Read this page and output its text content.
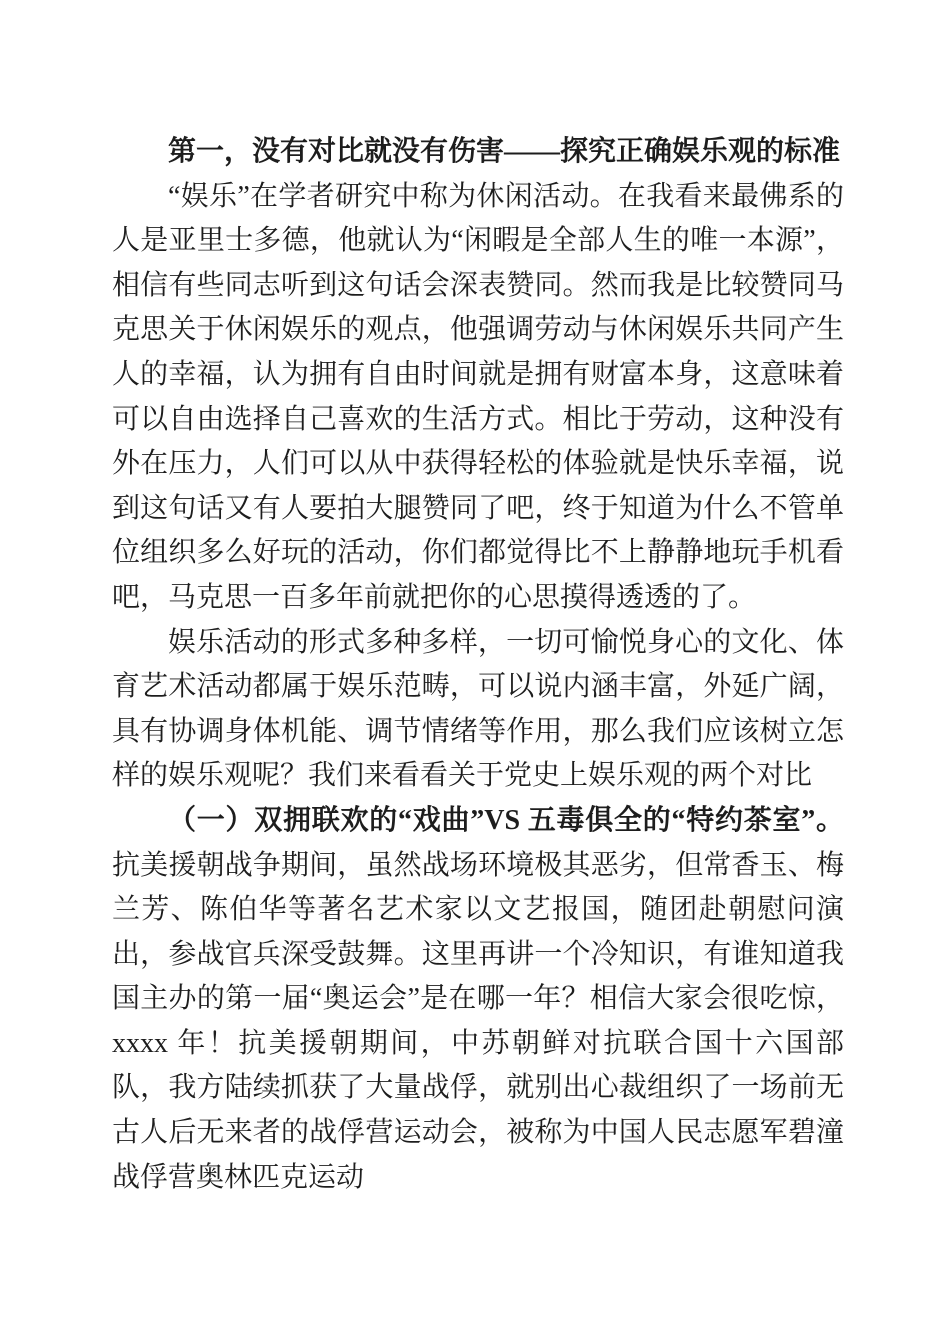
第一，没有对比就没有伤害——探究正确娱乐观的标准

“娱乐”在学者研究中称为休闲活动。在我看来最佛系的人是亚里士多德，他就认为“闲暇是全部人生的唯一本源”，相信有些同志听到这句话会深表赞同。然而我是比较赞同马克思关于休闲娱乐的观点，他强调劳动与休闲娱乐共同产生人的幸福，认为拥有自由时间就是拥有财富本身，这意味着可以自由选择自己喜欢的生活方式。相比于劳动，这种没有外在压力，人们可以从中获得轻松的体验就是快乐幸福，说到这句话又有人要拍大腿赞同了吧，终于知道为什么不管单位组织多么好玩的活动，你们都觉得比不上静静地玩手机看吧，马克思一百多年前就把你的心思摸得透透的了。

娱乐活动的形式多种多样，一切可愉悦身心的文化、体育艺术活动都属于娱乐范畴，可以说内涵丰富，外延广阔，具有协调身体机能、调节情绪等作用，那么我们应该树立怎样的娱乐观呢？我们来看看关于党史上娱乐观的两个对比

（一）双拥联欢的“戏曲”VS 五毒俱全的“特约茶室”。抗美援朝战争期间，虽然战场环境极其恶劣，但常香玉、梅兰芳、陈伯华等著名艺术家以文艺报国，随团赴朝慰问演出，参战官兵深受鼓舞。这里再讲一个冷知识，有谁知道我国主办的第一届“奥运会”是在哪一年？相信大家会很吃惊，xxxx 年！抗美援朝期间，中苏朝鲜对抗联合国十六国部队，我方陆续抓获了大量战俘，就别出心裁组织了一场前无古人后无来者的战俘营运动会，被称为中国人民志愿军碧潼战俘营奥林匹克运动
